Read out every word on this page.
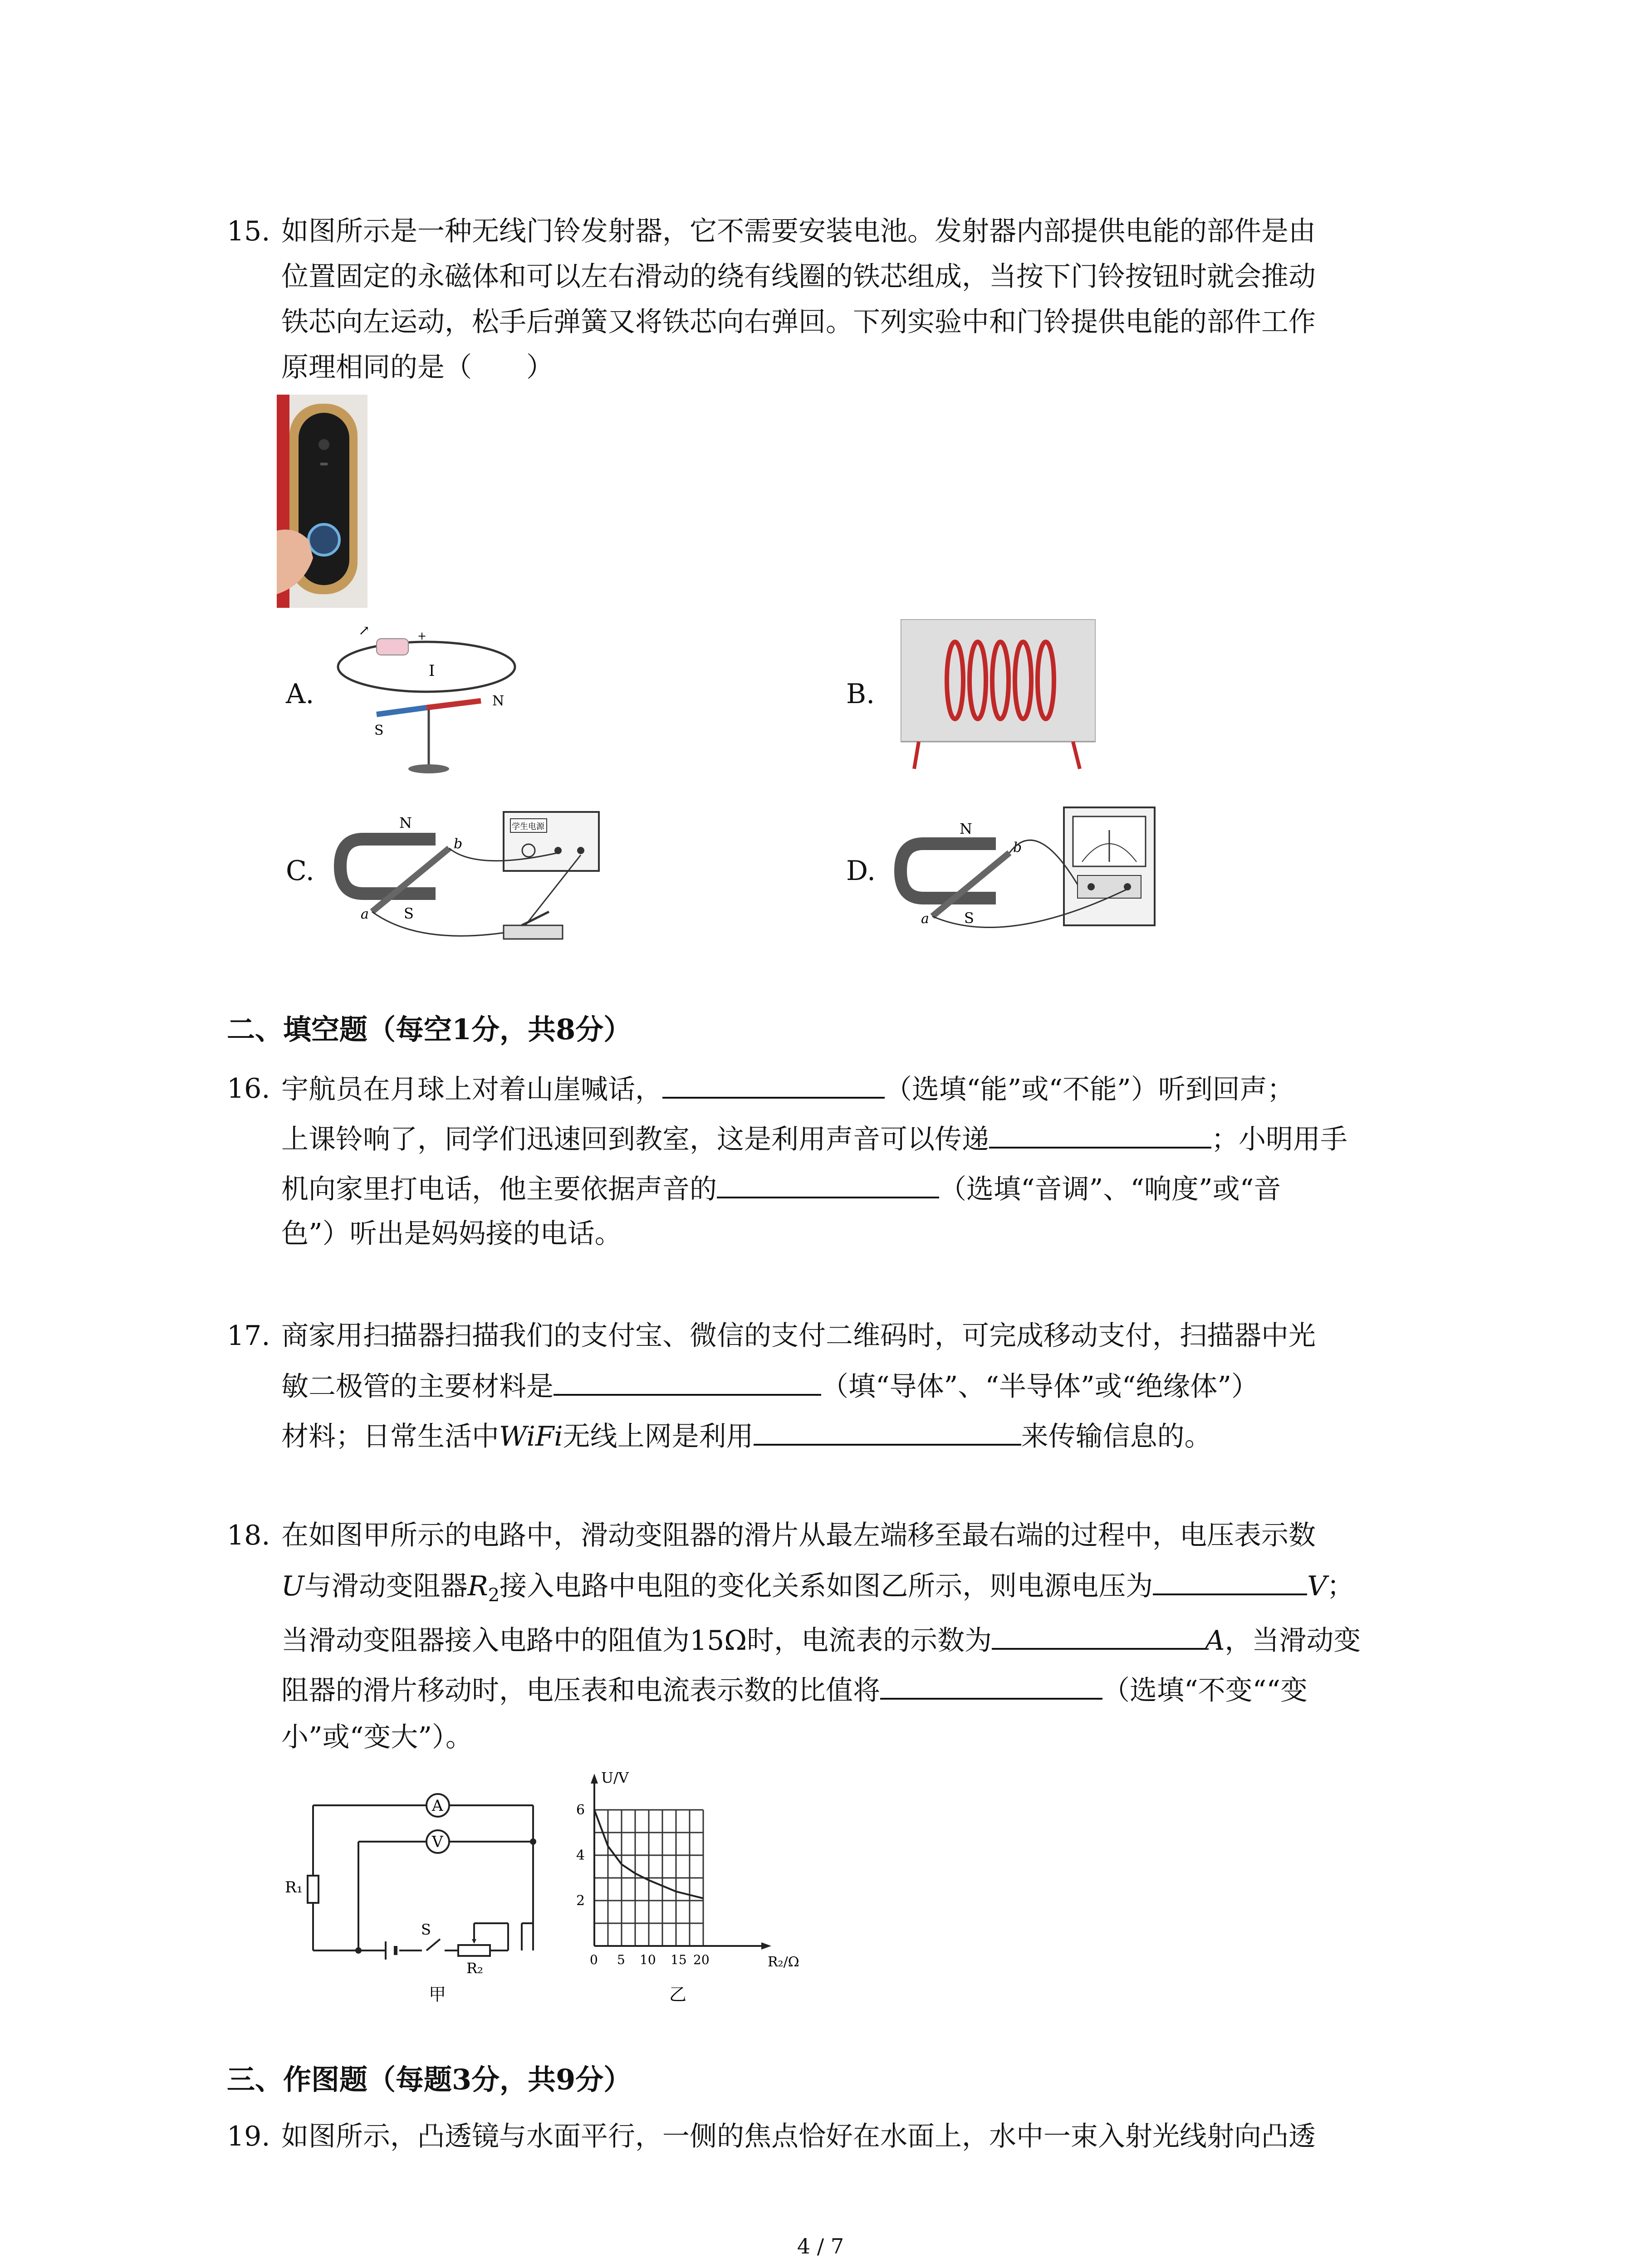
15. 如图所示是一种无线门铃发射器，它不需要安装电池。发射器内部提供电能的部件是由
位置固定的永磁体和可以左右滑动的绕有线圈的铁芯组成，当按下门铃按钮时就会推动
铁芯向左运动，松手后弹簧又将铁芯向右弹回。下列实验中和门铃提供电能的部件工作
原理相同的是（　　）
A.
↗	+
I
S
N	B.
C.
N
S
a
b
学生电源
D.
N
S
a
b
二、填空题（每空1分，共8分）
16. 宇航员在月球上对着山崖喊话，	（选填“能”或“不能”）听到回声；
上课铃响了，同学们迅速回到教室，这是利用声音可以传递	；小明用手
机向家里打电话，他主要依据声音的	（选填“音调”、“响度”或“音
色”）听出是妈妈接的电话。
17. 商家用扫描器扫描我们的支付宝、微信的支付二维码时，可完成移动支付，扫描器中光
敏二极管的主要材料是	（填“导体”、“半导体”或“绝缘体”）
材料；日常生活中WiFi无线上网是利用	来传输信息的。
18. 在如图甲所示的电路中，滑动变阻器的滑片从最左端移至最右端的过程中，电压表示数
U与滑动变阻器$R_2$接入电路中电阻的变化关系如图乙所示，则电源电压为	V；
当滑动变阻器接入电路中的阻值为15Ω时，电流表的示数为	A，当滑动变
阻器的滑片移动时，电压表和电流表示数的比值将	（选填“不变““变
小”或“变大”）。
A
V
R₁
S
R₂
甲
U/V
R₂/Ω
6
4
2
0 5 10 15 20
乙
三、作图题（每题3分，共9分）
19. 如图所示，凸透镜与水面平行，一侧的焦点恰好在水面上，水中一束入射光线射向凸透
4 / 7
